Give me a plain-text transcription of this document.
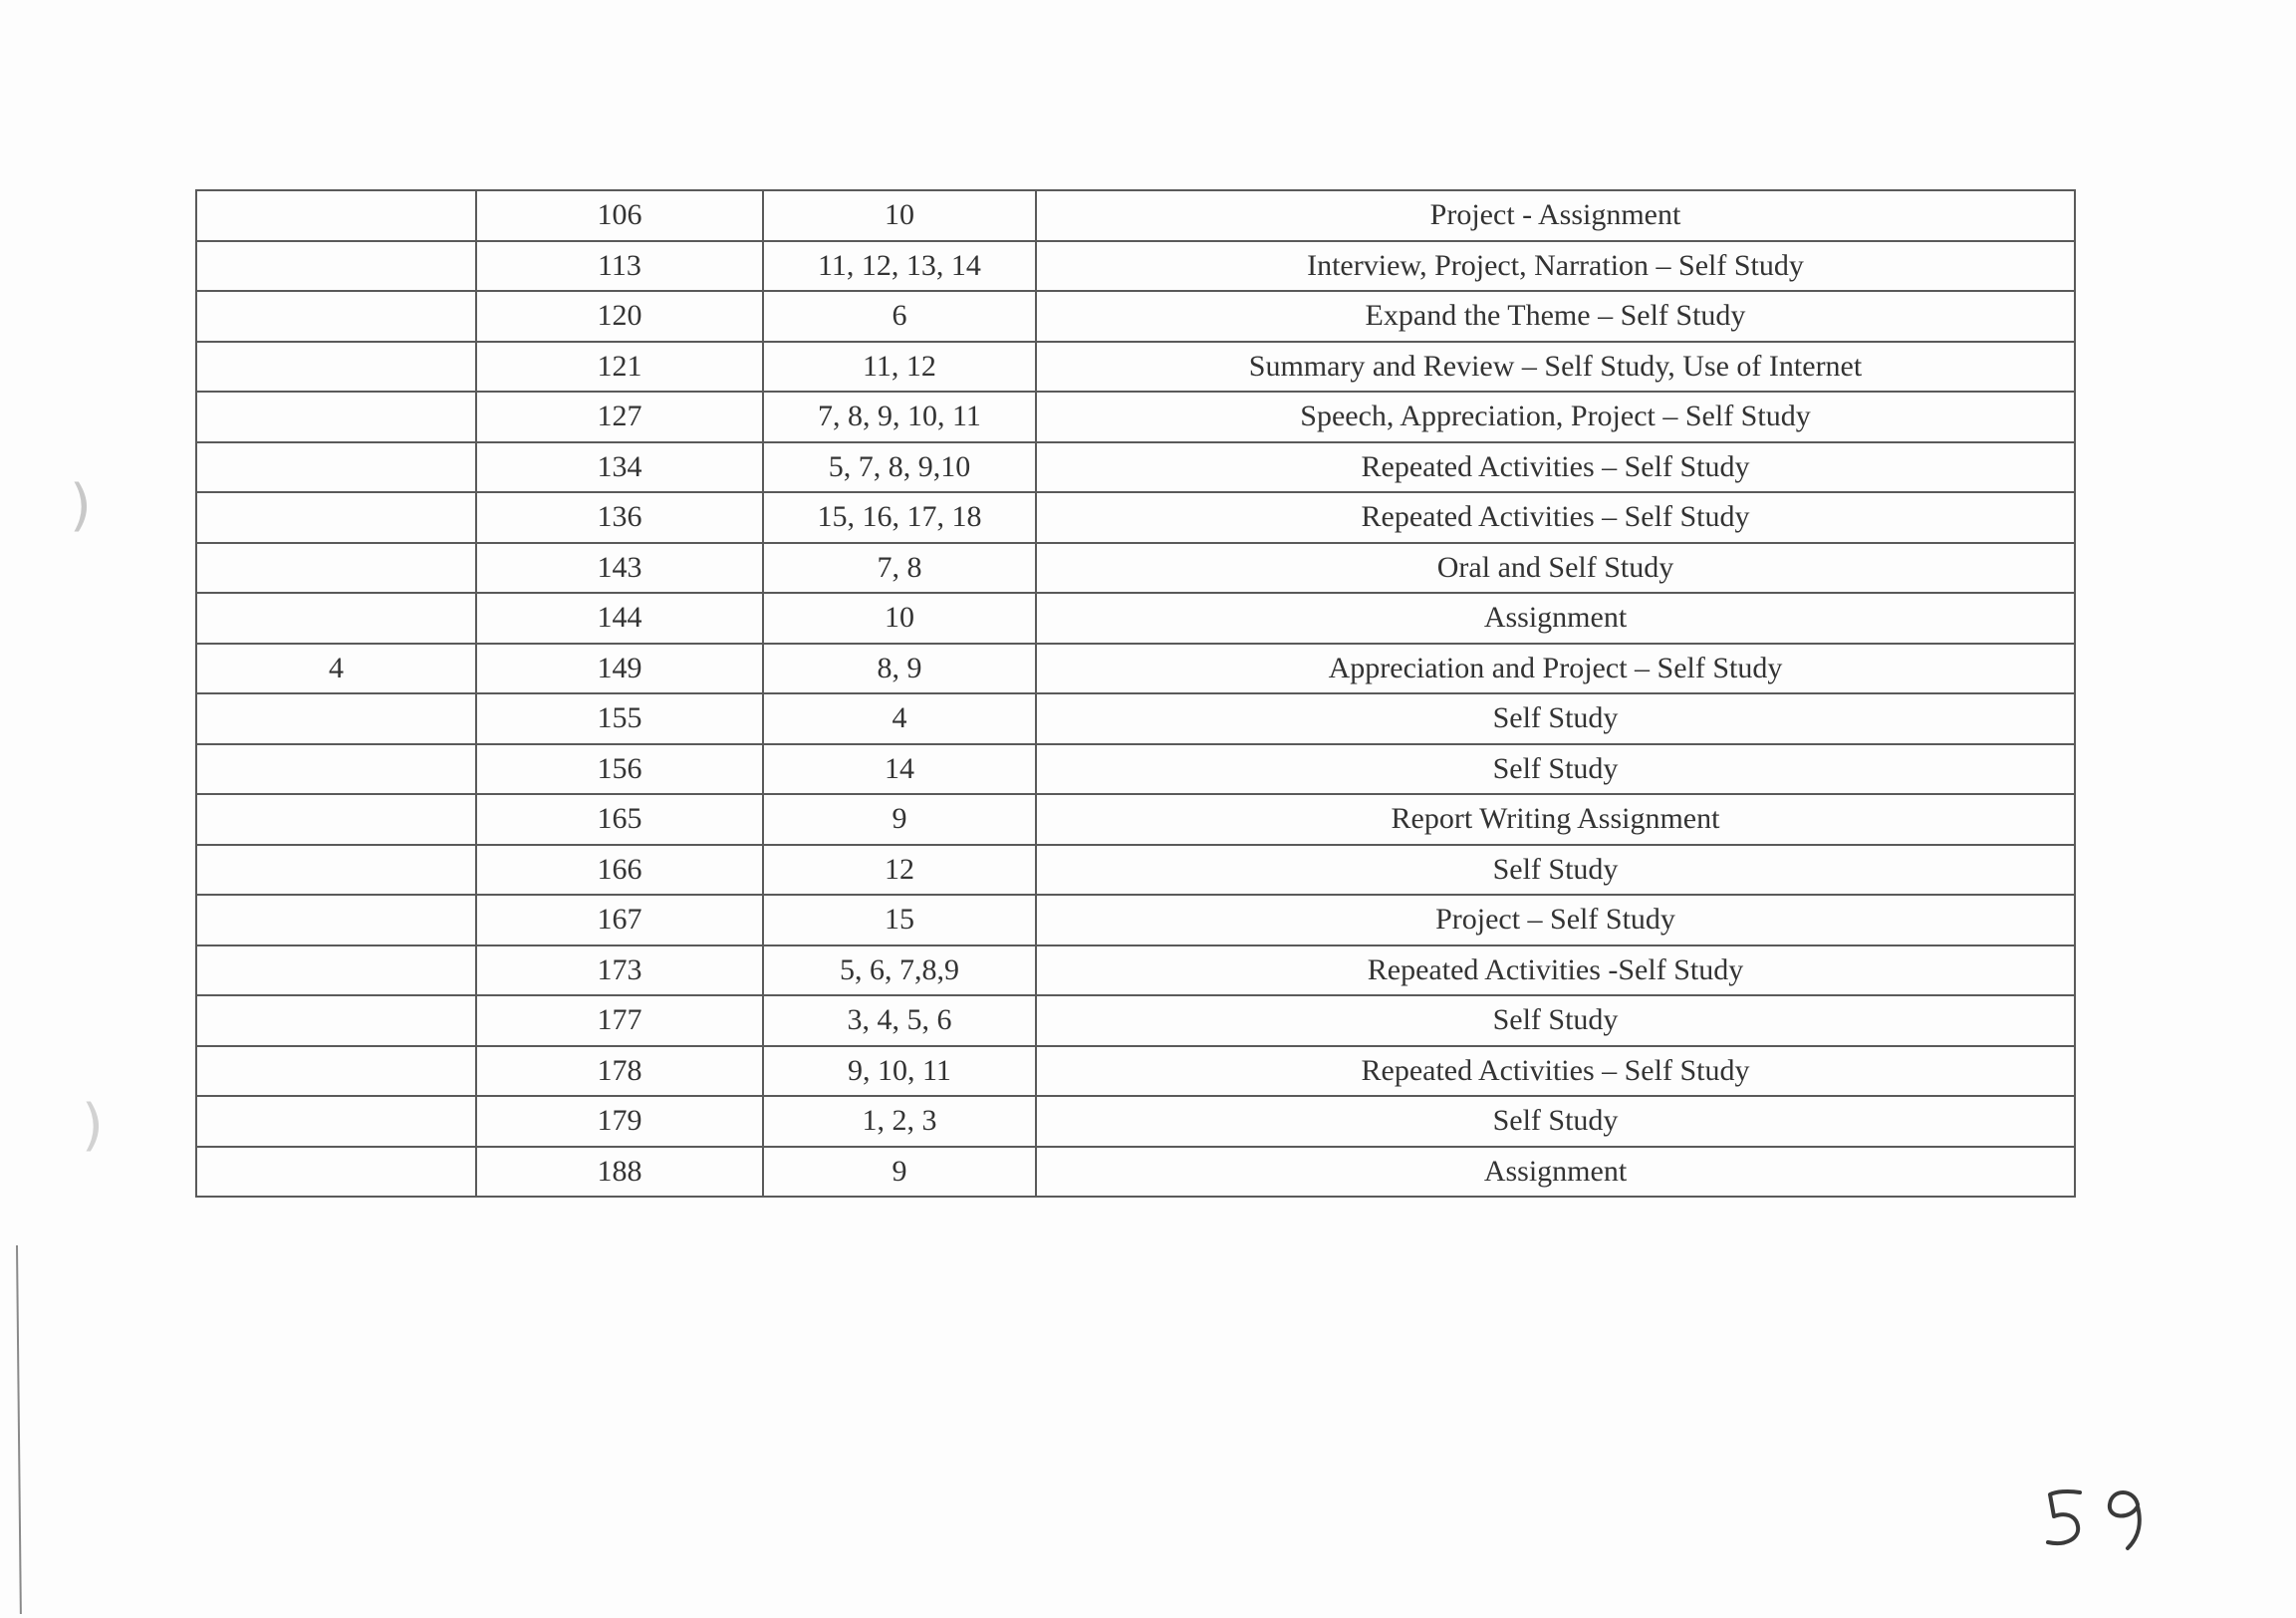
)
)
	106	10	Project - Assignment
	113	11, 12, 13, 14	Interview, Project, Narration – Self Study
	120	6	Expand the Theme – Self Study
	121	11, 12	Summary and Review – Self Study, Use of Internet
	127	7, 8, 9, 10, 11	Speech, Appreciation, Project – Self Study
	134	5, 7, 8, 9,10	Repeated Activities – Self Study
	136	15, 16, 17, 18	Repeated Activities – Self Study
	143	7, 8	Oral and Self Study
	144	10	Assignment
4	149	8, 9	Appreciation and Project – Self Study
	155	4	Self Study
	156	14	Self Study
	165	9	Report Writing Assignment
	166	12	Self Study
	167	15	Project – Self Study
	173	5, 6, 7,8,9	Repeated Activities -Self Study
	177	3, 4, 5, 6	Self Study
	178	9, 10, 11	Repeated Activities – Self Study
	179	1, 2, 3	Self Study
	188	9	Assignment
